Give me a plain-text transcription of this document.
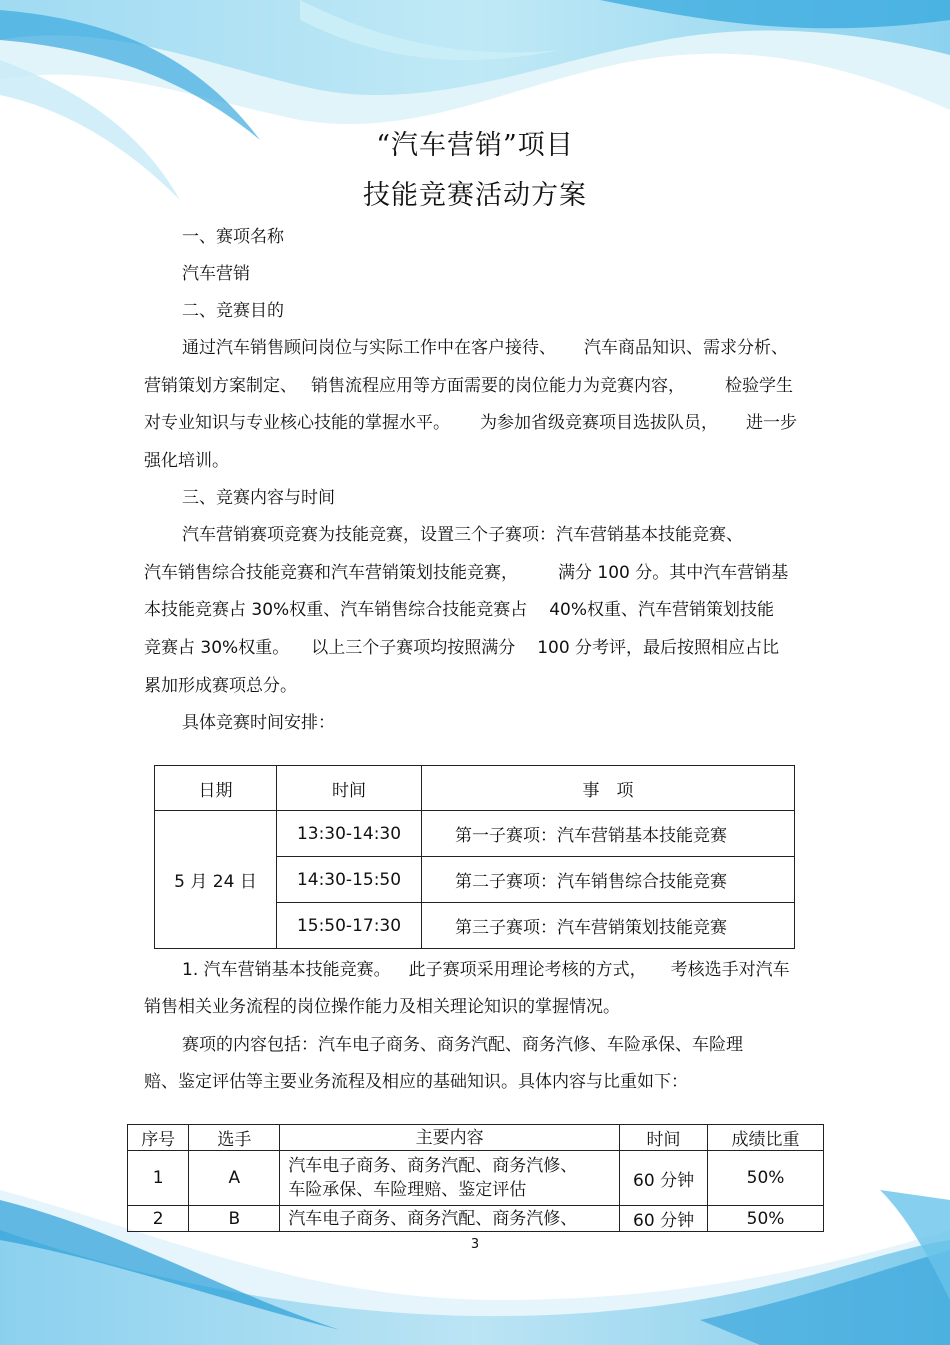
“汽车营销”项目
技能竞赛活动方案
一、赛项名称
汽车营销
二、竞赛目的
通过汽车销售顾问岗位与实际工作中在客户接待、 汽车商品知识、需求分析、
营销策划方案制定、 销售流程应用等方面需要的岗位能力为竞赛内容， 检验学生
对专业知识与专业核心技能的掌握水平。 为参加省级竞赛项目选拔队员， 进一步
强化培训。
三、竞赛内容与时间
汽车营销赛项竞赛为技能竞赛，设置三个子赛项：汽车营销基本技能竞赛、
汽车销售综合技能竞赛和汽车营销策划技能竞赛， 满分 100 分。其中汽车营销基
本技能竞赛占 30%权重、汽车销售综合技能竞赛占 40%权重、汽车营销策划技能
竞赛占 30%权重。 以上三个子赛项均按照满分 100 分考评，最后按照相应占比
累加形成赛项总分。
具体竞赛时间安排：
日期	时间	事　项
5 月 24 日	13:30-14:30	第一子赛项：汽车营销基本技能竞赛
	14:30-15:50	第二子赛项：汽车销售综合技能竞赛
	15:50-17:30	第三子赛项：汽车营销策划技能竞赛
1. 汽车营销基本技能竞赛。 此子赛项采用理论考核的方式， 考核选手对汽车
销售相关业务流程的岗位操作能力及相关理论知识的掌握情况。
赛项的内容包括：汽车电子商务、商务汽配、商务汽修、车险承保、车险理
赔、鉴定评估等主要业务流程及相应的基础知识。具体内容与比重如下：
序号	选手	主要内容	时间	成绩比重
1	A	汽车电子商务、商务汽配、商务汽修、
车险承保、车险理赔、鉴定评估	60 分钟	50%
2	B	汽车电子商务、商务汽配、商务汽修、	60 分钟	50%
3
